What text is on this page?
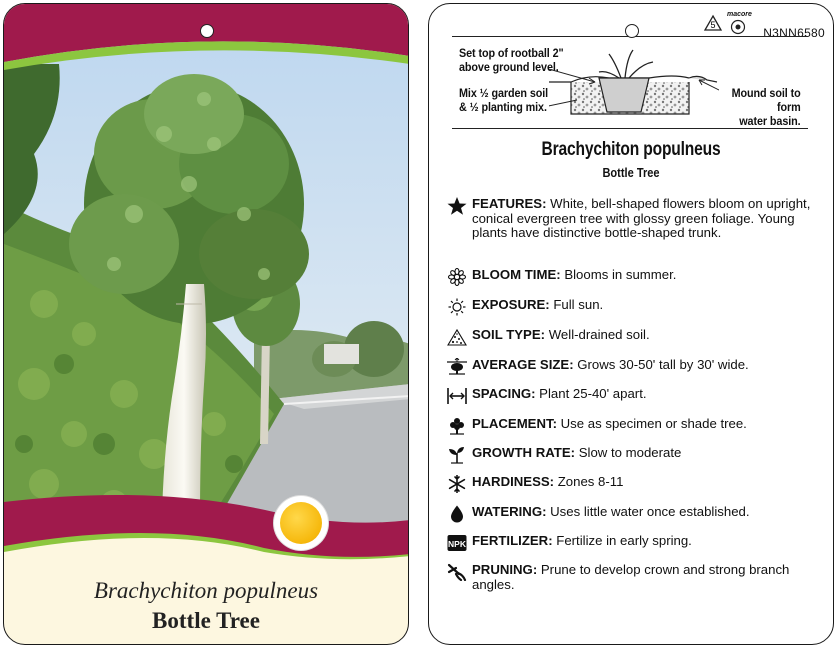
Brachychiton populneus
Bottle Tree
5
macore
N3NN6580
Set top of rootball 2"
above ground level.
Mix ½ garden soil
& ½ planting mix.
Mound soil to form
water basin.
Brachychiton populneus
Bottle Tree
FEATURES: White, bell-shaped flowers bloom on upright, conical evergreen tree with glossy green foliage. Young plants have distinctive bottle-shaped trunk.
BLOOM TIME: Blooms in summer.
EXPOSURE: Full sun.
SOIL TYPE: Well-drained soil.
AVERAGE SIZE: Grows 30-50' tall by 30' wide.
SPACING: Plant 25-40' apart.
PLACEMENT: Use as specimen or shade tree.
GROWTH RATE: Slow to moderate
HARDINESS: Zones 8-11
WATERING: Uses little water once established.
NPK FERTILIZER: Fertilize in early spring.
PRUNING: Prune to develop crown and strong branch angles.
